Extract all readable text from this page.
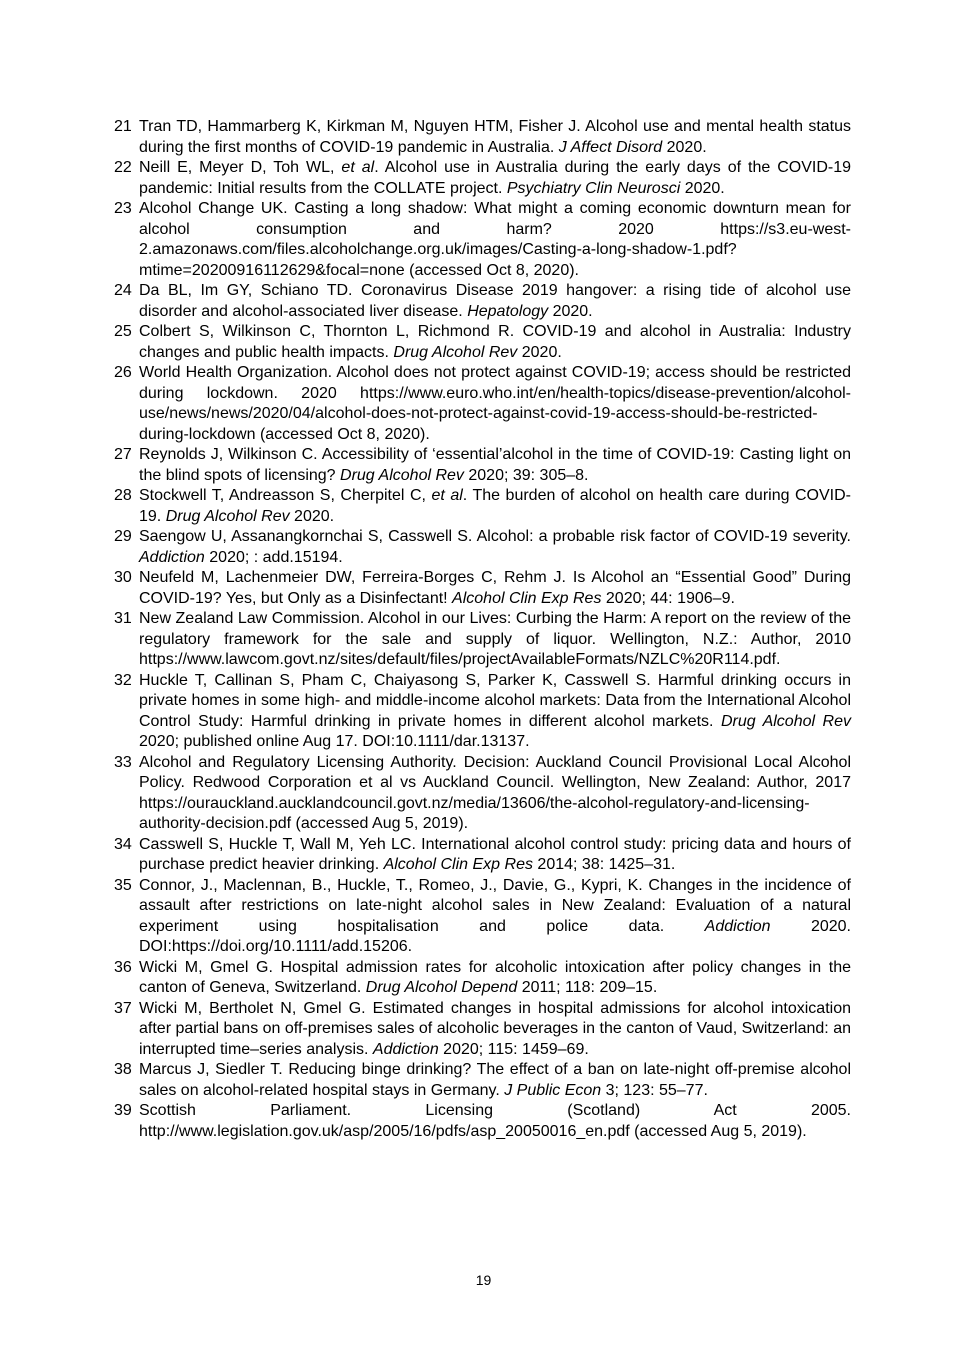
21 Tran TD, Hammarberg K, Kirkman M, Nguyen HTM, Fisher J. Alcohol use and mental health status during the first months of COVID-19 pandemic in Australia. J Affect Disord 2020.
22 Neill E, Meyer D, Toh WL, et al. Alcohol use in Australia during the early days of the COVID-19 pandemic: Initial results from the COLLATE project. Psychiatry Clin Neurosci 2020.
23 Alcohol Change UK. Casting a long shadow: What might a coming economic downturn mean for alcohol consumption and harm? 2020 https://s3.eu-west-2.amazonaws.com/files.alcoholchange.org.uk/images/Casting-a-long-shadow-1.pdf?mtime=20200916112629&focal=none (accessed Oct 8, 2020).
24 Da BL, Im GY, Schiano TD. Coronavirus Disease 2019 hangover: a rising tide of alcohol use disorder and alcohol-associated liver disease. Hepatology 2020.
25 Colbert S, Wilkinson C, Thornton L, Richmond R. COVID-19 and alcohol in Australia: Industry changes and public health impacts. Drug Alcohol Rev 2020.
26 World Health Organization. Alcohol does not protect against COVID-19; access should be restricted during lockdown. 2020 https://www.euro.who.int/en/health-topics/disease-prevention/alcohol-use/news/news/2020/04/alcohol-does-not-protect-against-covid-19-access-should-be-restricted-during-lockdown (accessed Oct 8, 2020).
27 Reynolds J, Wilkinson C. Accessibility of ‘essential’alcohol in the time of COVID-19: Casting light on the blind spots of licensing? Drug Alcohol Rev 2020; 39: 305–8.
28 Stockwell T, Andreasson S, Cherpitel C, et al. The burden of alcohol on health care during COVID-19. Drug Alcohol Rev 2020.
29 Saengow U, Assanangkornchai S, Casswell S. Alcohol: a probable risk factor of COVID-19 severity. Addiction 2020; : add.15194.
30 Neufeld M, Lachenmeier DW, Ferreira-Borges C, Rehm J. Is Alcohol an “Essential Good” During COVID-19? Yes, but Only as a Disinfectant! Alcohol Clin Exp Res 2020; 44: 1906–9.
31 New Zealand Law Commission. Alcohol in our Lives: Curbing the Harm: A report on the review of the regulatory framework for the sale and supply of liquor. Wellington, N.Z.: Author, 2010 https://www.lawcom.govt.nz/sites/default/files/projectAvailableFormats/NZLC%20R114.pdf.
32 Huckle T, Callinan S, Pham C, Chaiyasong S, Parker K, Casswell S. Harmful drinking occurs in private homes in some high- and middle-income alcohol markets: Data from the International Alcohol Control Study: Harmful drinking in private homes in different alcohol markets. Drug Alcohol Rev 2020; published online Aug 17. DOI:10.1111/dar.13137.
33 Alcohol and Regulatory Licensing Authority. Decision: Auckland Council Provisional Local Alcohol Policy. Redwood Corporation et al vs Auckland Council. Wellington, New Zealand: Author, 2017 https://ourauckland.aucklandcouncil.govt.nz/media/13606/the-alcohol-regulatory-and-licensing-authority-decision.pdf (accessed Aug 5, 2019).
34 Casswell S, Huckle T, Wall M, Yeh LC. International alcohol control study: pricing data and hours of purchase predict heavier drinking. Alcohol Clin Exp Res 2014; 38: 1425–31.
35 Connor, J., Maclennan, B., Huckle, T., Romeo, J., Davie, G., Kypri, K. Changes in the incidence of assault after restrictions on late-night alcohol sales in New Zealand: Evaluation of a natural experiment using hospitalisation and police data. Addiction 2020. DOI:https://doi.org/10.1111/add.15206.
36 Wicki M, Gmel G. Hospital admission rates for alcoholic intoxication after policy changes in the canton of Geneva, Switzerland. Drug Alcohol Depend 2011; 118: 209–15.
37 Wicki M, Bertholet N, Gmel G. Estimated changes in hospital admissions for alcohol intoxication after partial bans on off-premises sales of alcoholic beverages in the canton of Vaud, Switzerland: an interrupted time–series analysis. Addiction 2020; 115: 1459–69.
38 Marcus J, Siedler T. Reducing binge drinking? The effect of a ban on late-night off-premise alcohol sales on alcohol-related hospital stays in Germany. J Public Econ 3; 123: 55–77.
39 Scottish Parliament. Licensing (Scotland) Act 2005. http://www.legislation.gov.uk/asp/2005/16/pdfs/asp_20050016_en.pdf (accessed Aug 5, 2019).
19
